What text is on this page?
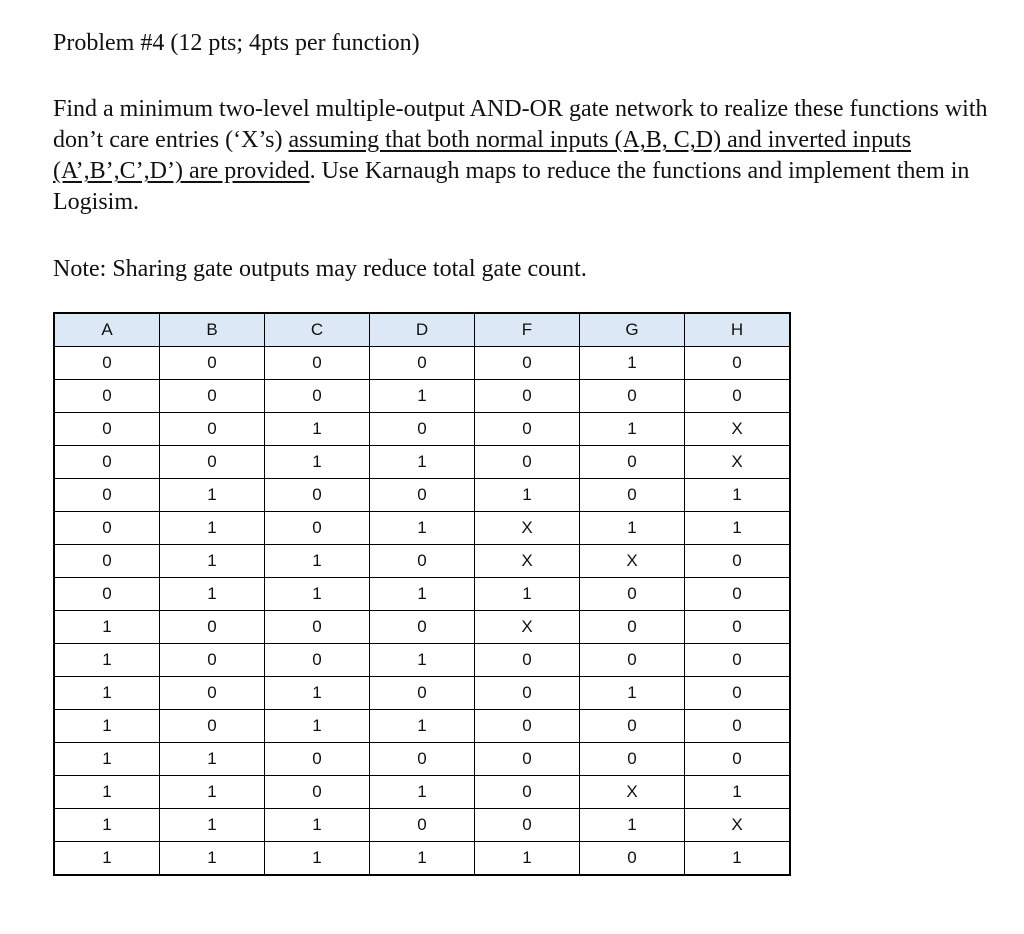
Problem #4 (12 pts; 4pts per function)

Find a minimum two-level multiple-output AND-OR gate network to realize these functions with don’t care entries (‘X’s) assuming that both normal inputs (A,B, C,D) and inverted inputs (A’,B’,C’,D’) are provided. Use Karnaugh maps to reduce the functions and implement them in Logisim.

Note: Sharing gate outputs may reduce total gate count.

A	B	C	D	F	G	H
0	0	0	0	0	1	0
0	0	0	1	0	0	0
0	0	1	0	0	1	X
0	0	1	1	0	0	X
0	1	0	0	1	0	1
0	1	0	1	X	1	1
0	1	1	0	X	X	0
0	1	1	1	1	0	0
1	0	0	0	X	0	0
1	0	0	1	0	0	0
1	0	1	0	0	1	0
1	0	1	1	0	0	0
1	1	0	0	0	0	0
1	1	0	1	0	X	1
1	1	1	0	0	1	X
1	1	1	1	1	0	1
